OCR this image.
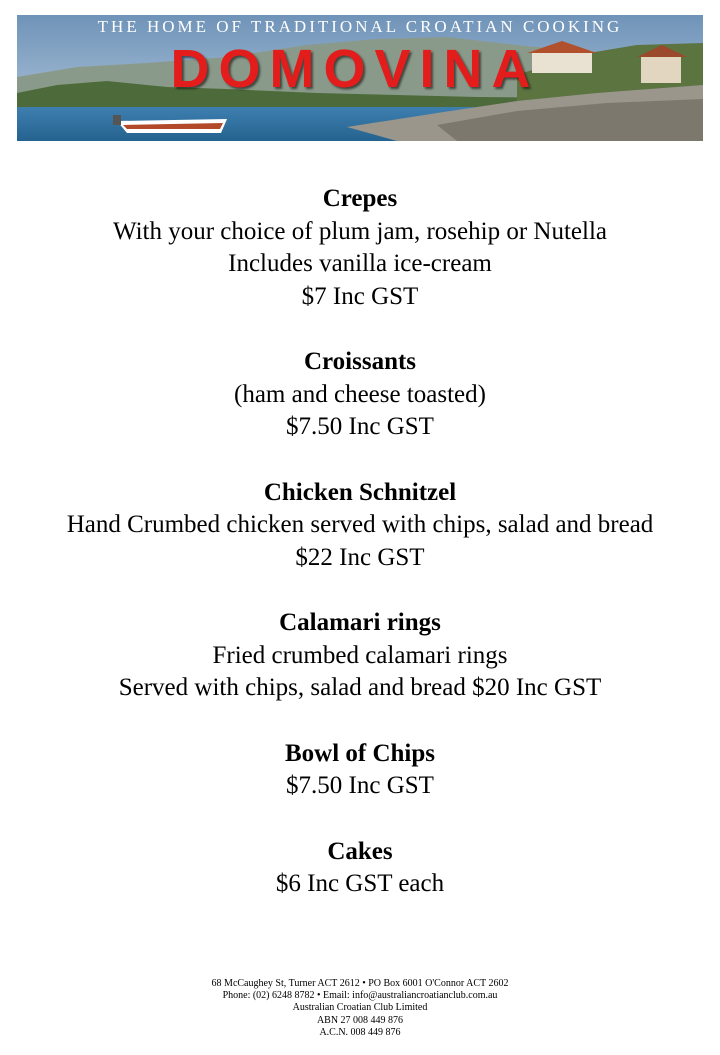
THE HOME OF TRADITIONAL CROATIAN COOKING
DOMOVINA
Crepes
With your choice of plum jam, rosehip or Nutella
Includes vanilla ice-cream
$7 Inc GST
Croissants
(ham and cheese toasted)
$7.50 Inc GST
Chicken Schnitzel
Hand Crumbed chicken served with chips, salad and bread
$22 Inc GST
Calamari rings
Fried crumbed calamari rings
Served with chips, salad and bread $20 Inc GST
Bowl of Chips
$7.50 Inc GST
Cakes
$6 Inc GST each
68 McCaughey St, Turner ACT 2612 • PO Box 6001 O'Connor ACT 2602
Phone: (02) 6248 8782 • Email: info@australiancroatianclub.com.au
Australian Croatian Club Limited
ABN 27 008 449 876
A.C.N. 008 449 876
